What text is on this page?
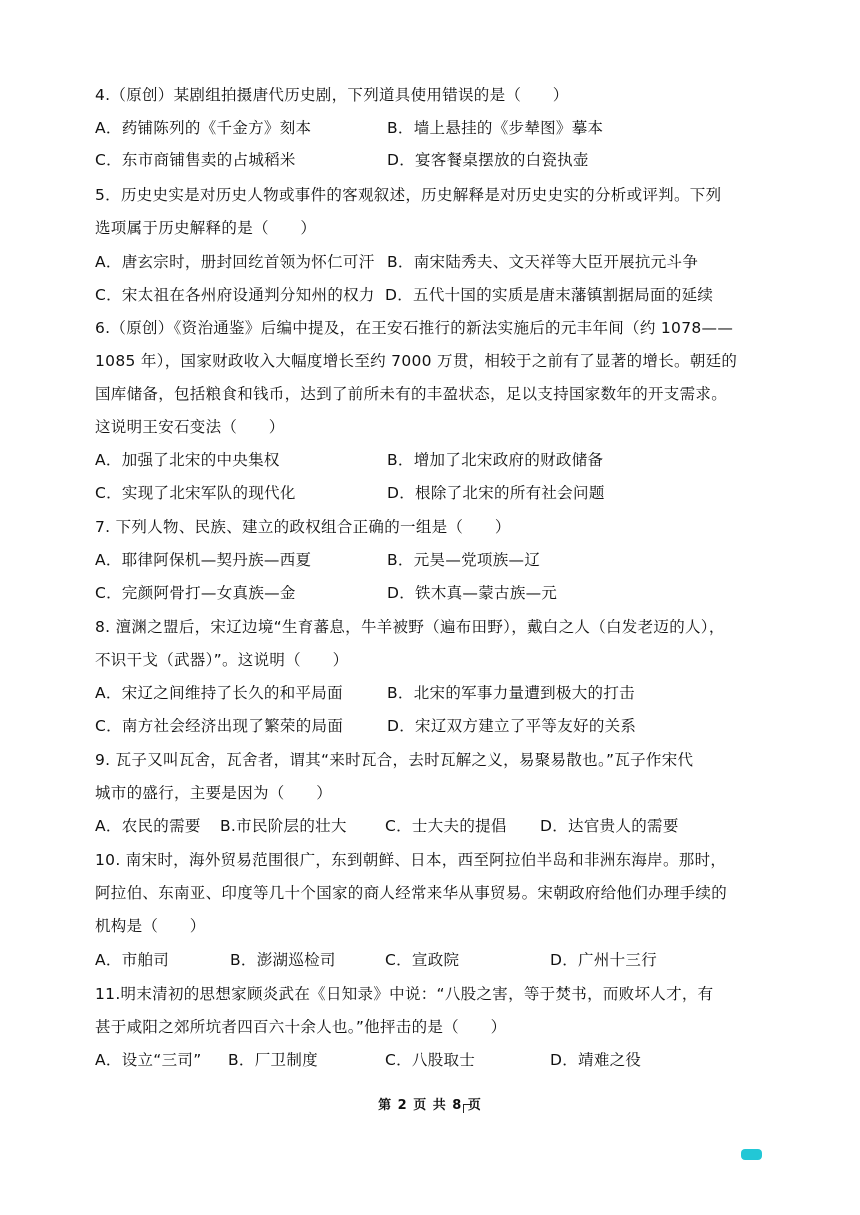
4.（原创）某剧组拍摄唐代历史剧，下列道具使用错误的是（　　）
A．药铺陈列的《千金方》刻本	B．墙上悬挂的《步辇图》摹本
C．东市商铺售卖的占城稻米	D．宴客餐桌摆放的白瓷执壶
5．历史史实是对历史人物或事件的客观叙述，历史解释是对历史史实的分析或评判。下列
选项属于历史解释的是（　　）
A．唐玄宗时，册封回纥首领为怀仁可汗 B．南宋陆秀夫、文天祥等大臣开展抗元斗争
C．宋太祖在各州府设通判分知州的权力 D．五代十国的实质是唐末藩镇割据局面的延续
6.（原创）《资治通鉴》后编中提及，在王安石推行的新法实施后的元丰年间（约 1078——
1085 年），国家财政收入大幅度增长至约 7000 万贯，相较于之前有了显著的增长。朝廷的
国库储备，包括粮食和钱币，达到了前所未有的丰盈状态，足以支持国家数年的开支需求。
这说明王安石变法（　　）
A．加强了北宋的中央集权	B．增加了北宋政府的财政储备
C．实现了北宋军队的现代化	D．根除了北宋的所有社会问题
7. 下列人物、民族、建立的政权组合正确的一组是（　　）
A．耶律阿保机—契丹族—西夏	B．元昊—党项族—辽
C．完颜阿骨打—女真族—金	D．铁木真—蒙古族—元
8. 澶渊之盟后，宋辽边境“生育蕃息，牛羊被野（遍布田野），戴白之人（白发老迈的人），
不识干戈（武器）”。这说明（　　）
A．宋辽之间维持了长久的和平局面	B．北宋的军事力量遭到极大的打击
C．南方社会经济出现了繁荣的局面	D．宋辽双方建立了平等友好的关系
9. 瓦子又叫瓦舍，瓦舍者，谓其“来时瓦合，去时瓦解之义，易聚易散也。”瓦子作宋代
城市的盛行，主要是因为（　　）
A．农民的需要 B.市民阶层的壮大 C．士大夫的提倡 D．达官贵人的需要
10. 南宋时，海外贸易范围很广，东到朝鲜、日本，西至阿拉伯半岛和非洲东海岸。那时，
阿拉伯、东南亚、印度等几十个国家的商人经常来华从事贸易。宋朝政府给他们办理手续的
机构是（　　）
A．市舶司	B．澎湖巡检司	C．宣政院	D．广州十三行
11.明末清初的思想家顾炎武在《日知录》中说：“八股之害，等于焚书，而败坏人才，有
甚于咸阳之郊所坑者四百六十余人也。”他抨击的是（　　）
A．设立“三司” B．厂卫制度	C．八股取士	D．靖难之役
第 2 页 共 8 页
